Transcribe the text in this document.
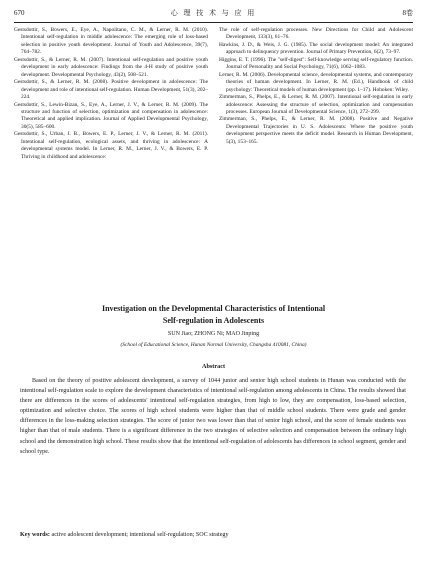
670	心 理 技 术 与 应 用	8卷

Gestsdottir, S., Bowers, E., Eye, A., Napolitano, C. M., & Lerner, R. M. (2010). Intentional self-regulation in middle adolescence: The emerging role of loss-based selection in positive youth development. Journal of Youth and Adolescence, 39(7), 764–782.

Gestsdottir, S., & Lerner, R. M. (2007). Intentional self-regulation and positive youth development in early adolescence: Findings from the 4-H study of positive youth development. Developmental Psychology, 43(2), 508–521.

Gestsdottir, S., & Lerner, R. M. (2008). Positive development in adolescence: The development and role of intentional self-regulation. Human Development, 51(3), 202–224.

Gestsdottir, S., Lewin-Bizan, S., Eye, A., Lerner, J. V., & Lerner, R. M. (2009). The structure and function of selection, optimization and compensation in adolescence: Theoretical and applied implication. Journal of Applied Developmental Psychology, 30(5), 585–600.

Gestsdottir, S., Urban, J. B., Bowers, E. P., Lerner, J. V., & Lerner, R. M. (2011). Intentional self-regulation, ecological assets, and thriving in adolescence: A developmental systems model. In Lerner, R. M., Lerner, J. V., & Bowers, E. P. Thriving in childhood and adolescence:

The role of self-regulation processes. New Directions for Child and Adolescent Development, 133(3), 61–76.

Hawkins, J. D., & Weis, J. G. (1985). The social development model: An integrated approach to delinquency prevention. Journal of Primary Prevention, 6(2), 73–97.

Higgins, E. T. (1996). The "self-digest": Self-knowledge serving self-regulatory function. Journal of Personality and Social Psychology, 71(6), 1062–1083.

Lerner, R. M. (2006). Developmental science, developmental systems, and contemporary theories of human development. In Lerner, R. M. (Ed.), Handbook of child psychology: Theoretical models of human development (pp. 1–17). Hoboken: Wiley.

Zimmerman, S., Phelps, E., & Lerner, R. M. (2007). Intentional self-regulation in early adolescence: Assessing the structure of selection, optimization and compensation processes. European Journal of Developmental Science, 1(3), 272–299.

Zimmerman, S., Phelps, E., & Lerner, R. M. (2008). Positive and Negative Developmental Trajectories in U. S. Adolescents: Where the positive youth development perspective meets the deficit model. Research in Human Development, 5(3), 153–165.

Investigation on the Developmental Characteristics of Intentional
Self-regulation in Adolescents
SUN Jiao; ZHONG Ni; MAO Jinping
(School of Educational Science, Hunan Normal University, Changsha 410081, China)
Abstract

Based on the theory of positive adolescent development, a survey of 1044 junior and senior high school students in Hunan was conducted with the intentional self-regulation scale to explore the development characteristics of intentional self-regulation among adolescents in China. The results showed that there are differences in the scores of adolescents' intentional self-regulation strategies, from high to low, they are compensation, loss-based selection, optimization and selective choice. The scores of high school students were higher than that of middle school students. There were grade and gender differences in the loss-making selection strategies. The score of junior two was lower than that of senior high school, and the score of female students was higher than that of male students. There is a significant difference in the two strategies of selective selection and compensation between the ordinary high school and the demonstration high school. These results show that the intentional self-regulation of adolescents has differences in school segment, gender and school type.

Key words: active adolescent development; intentional self-regulation; SOC strategy
